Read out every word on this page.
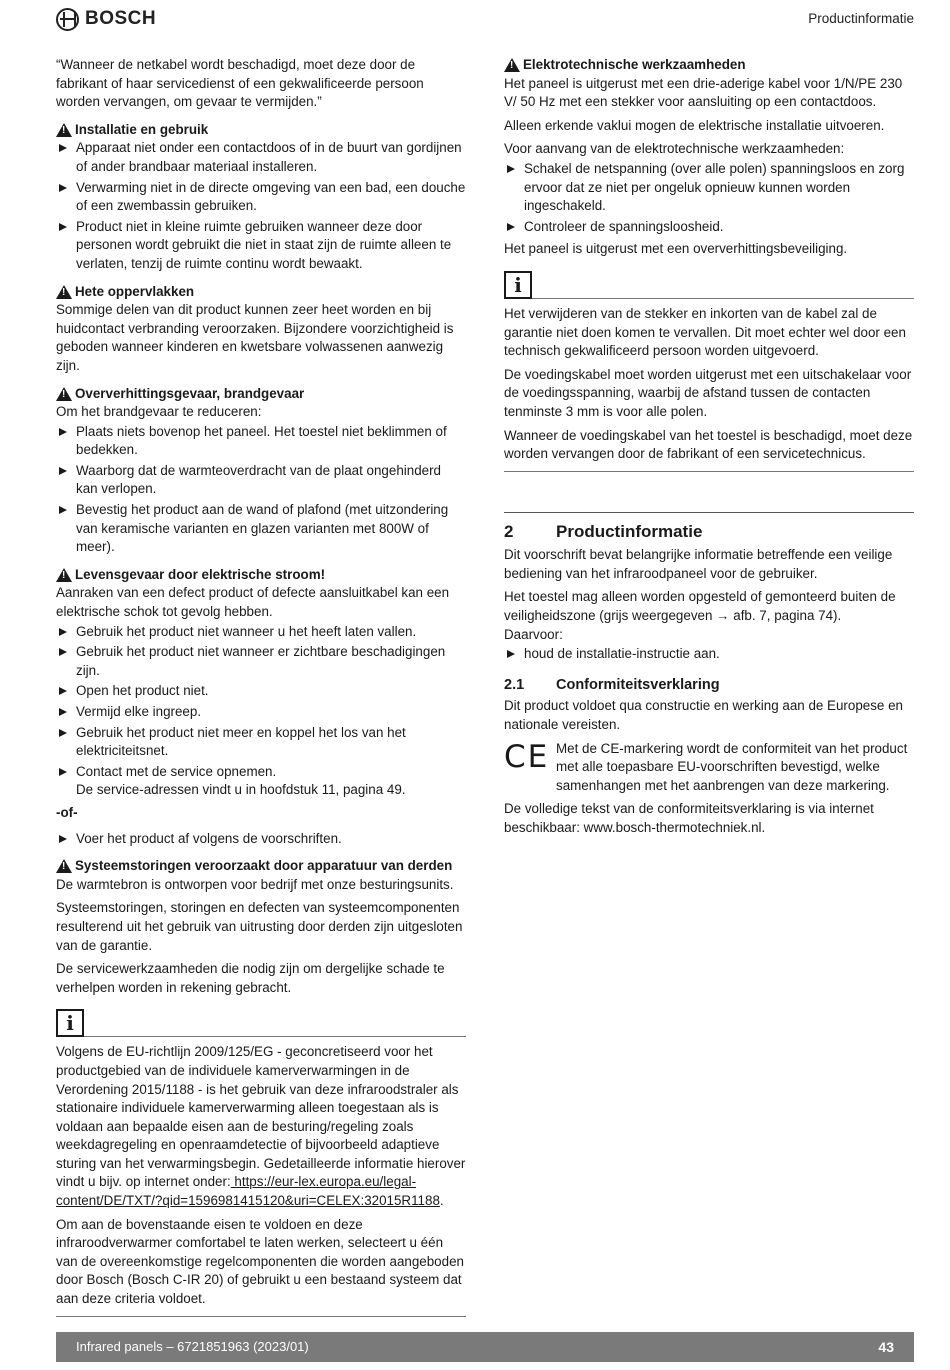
BOSCH	Productinformatie

“Wanneer de netkabel wordt beschadigd, moet deze door de fabrikant of haar servicedienst of een gekwalificeerde persoon worden vervangen, om gevaar te vermijden.”

!
Installatie en gebruik
Apparaat niet onder een contactdoos of in de buurt van gordijnen of ander brandbaar materiaal installeren.
Verwarming niet in de directe omgeving van een bad, een douche of een zwembassin gebruiken.
Product niet in kleine ruimte gebruiken wanneer deze door personen wordt gebruikt die niet in staat zijn de ruimte alleen te verlaten, tenzij de ruimte continu wordt bewaakt.
!
Hete oppervlakken

Sommige delen van dit product kunnen zeer heet worden en bij huidcontact verbranding veroorzaken. Bijzondere voorzichtigheid is geboden wanneer kinderen en kwetsbare volwassenen aanwezig zijn.

!
Oververhittingsgevaar, brandgevaar

Om het brandgevaar te reduceren:

Plaats niets bovenop het paneel. Het toestel niet beklimmen of bedekken.
Waarborg dat de warmteoverdracht van de plaat ongehinderd kan verlopen.
Bevestig het product aan de wand of plafond (met uitzondering van keramische varianten en glazen varianten met 800W of meer).
!
Levensgevaar door elektrische stroom!

Aanraken van een defect product of defecte aansluitkabel kan een elektrische schok tot gevolg hebben.

Gebruik het product niet wanneer u het heeft laten vallen.
Gebruik het product niet wanneer er zichtbare beschadigingen zijn.
Open het product niet.
Vermijd elke ingreep.
Gebruik het product niet meer en koppel het los van het elektriciteitsnet.
Contact met de service opnemen.
De service-adressen vindt u in hoofdstuk 11, pagina 49.
-of-
Voer het product af volgens de voorschriften.
!
Systeemstoringen veroorzaakt door apparatuur van derden

De warmtebron is ontworpen voor bedrijf met onze besturingsunits.

Systeemstoringen, storingen en defecten van systeemcomponenten resulterend uit het gebruik van uitrusting door derden zijn uitgesloten van de garantie.

De servicewerkzaamheden die nodig zijn om dergelijke schade te verhelpen worden in rekening gebracht.

i

Volgens de EU-richtlijn 2009/125/EG - geconcretiseerd voor het productgebied van de individuele kamerverwarmingen in de Verordening 2015/1188 - is het gebruik van deze infraroodstraler als stationaire individuele kamerverwarming alleen toegestaan als is voldaan aan bepaalde eisen aan de besturing/regeling zoals weekdagregeling en openraamdetectie of bijvoorbeeld adaptieve sturing van het verwarmingsbegin. Gedetailleerde informatie hierover vindt u bijv. op internet onder: https://eur-lex.europa.eu/legal-content/DE/TXT/?qid=1596981415120&uri=CELEX:32015R1188.

Om aan de bovenstaande eisen te voldoen en deze infraroodverwarmer comfortabel te laten werken, selecteert u één van de overeenkomstige regelcomponenten die worden aangeboden door Bosch (Bosch C-IR 20) of gebruikt u een bestaand systeem dat aan deze criteria voldoet.

!
Elektrotechnische werkzaamheden

Het paneel is uitgerust met een drie-aderige kabel voor 1/N/PE 230 V/ 50 Hz met een stekker voor aansluiting op een contactdoos.

Alleen erkende vaklui mogen de elektrische installatie uitvoeren.

Voor aanvang van de elektrotechnische werkzaamheden:

Schakel de netspanning (over alle polen) spanningsloos en zorg ervoor dat ze niet per ongeluk opnieuw kunnen worden ingeschakeld.
Controleer de spanningsloosheid.

Het paneel is uitgerust met een oververhittingsbeveiliging.

i

Het verwijderen van de stekker en inkorten van de kabel zal de garantie niet doen komen te vervallen. Dit moet echter wel door een technisch gekwalificeerd persoon worden uitgevoerd.

De voedingskabel moet worden uitgerust met een uitschakelaar voor de voedingsspanning, waarbij de afstand tussen de contacten tenminste 3 mm is voor alle polen.

Wanneer de voedingskabel van het toestel is beschadigd, moet deze worden vervangen door de fabrikant of een servicetechnicus.

2	Productinformatie

Dit voorschrift bevat belangrijke informatie betreffende een veilige bediening van het infraroodpaneel voor de gebruiker.

Het toestel mag alleen worden opgesteld of gemonteerd buiten de veiligheidszone (grijs weergegeven → afb. 7, pagina 74).

Daarvoor:

houd de installatie-instructie aan.
2.1	Conformiteitsverklaring

Dit product voldoet qua constructie en werking aan de Europese en nationale vereisten.

CE Met de CE-markering wordt de conformiteit van het product met alle toepasbare EU-voorschriften bevestigd, welke samenhangen met het aanbrengen van deze markering.

De volledige tekst van de conformiteitsverklaring is via internet beschikbaar: www.bosch-thermotechniek.nl.

Infrared panels – 6721851963 (2023/01)	43
